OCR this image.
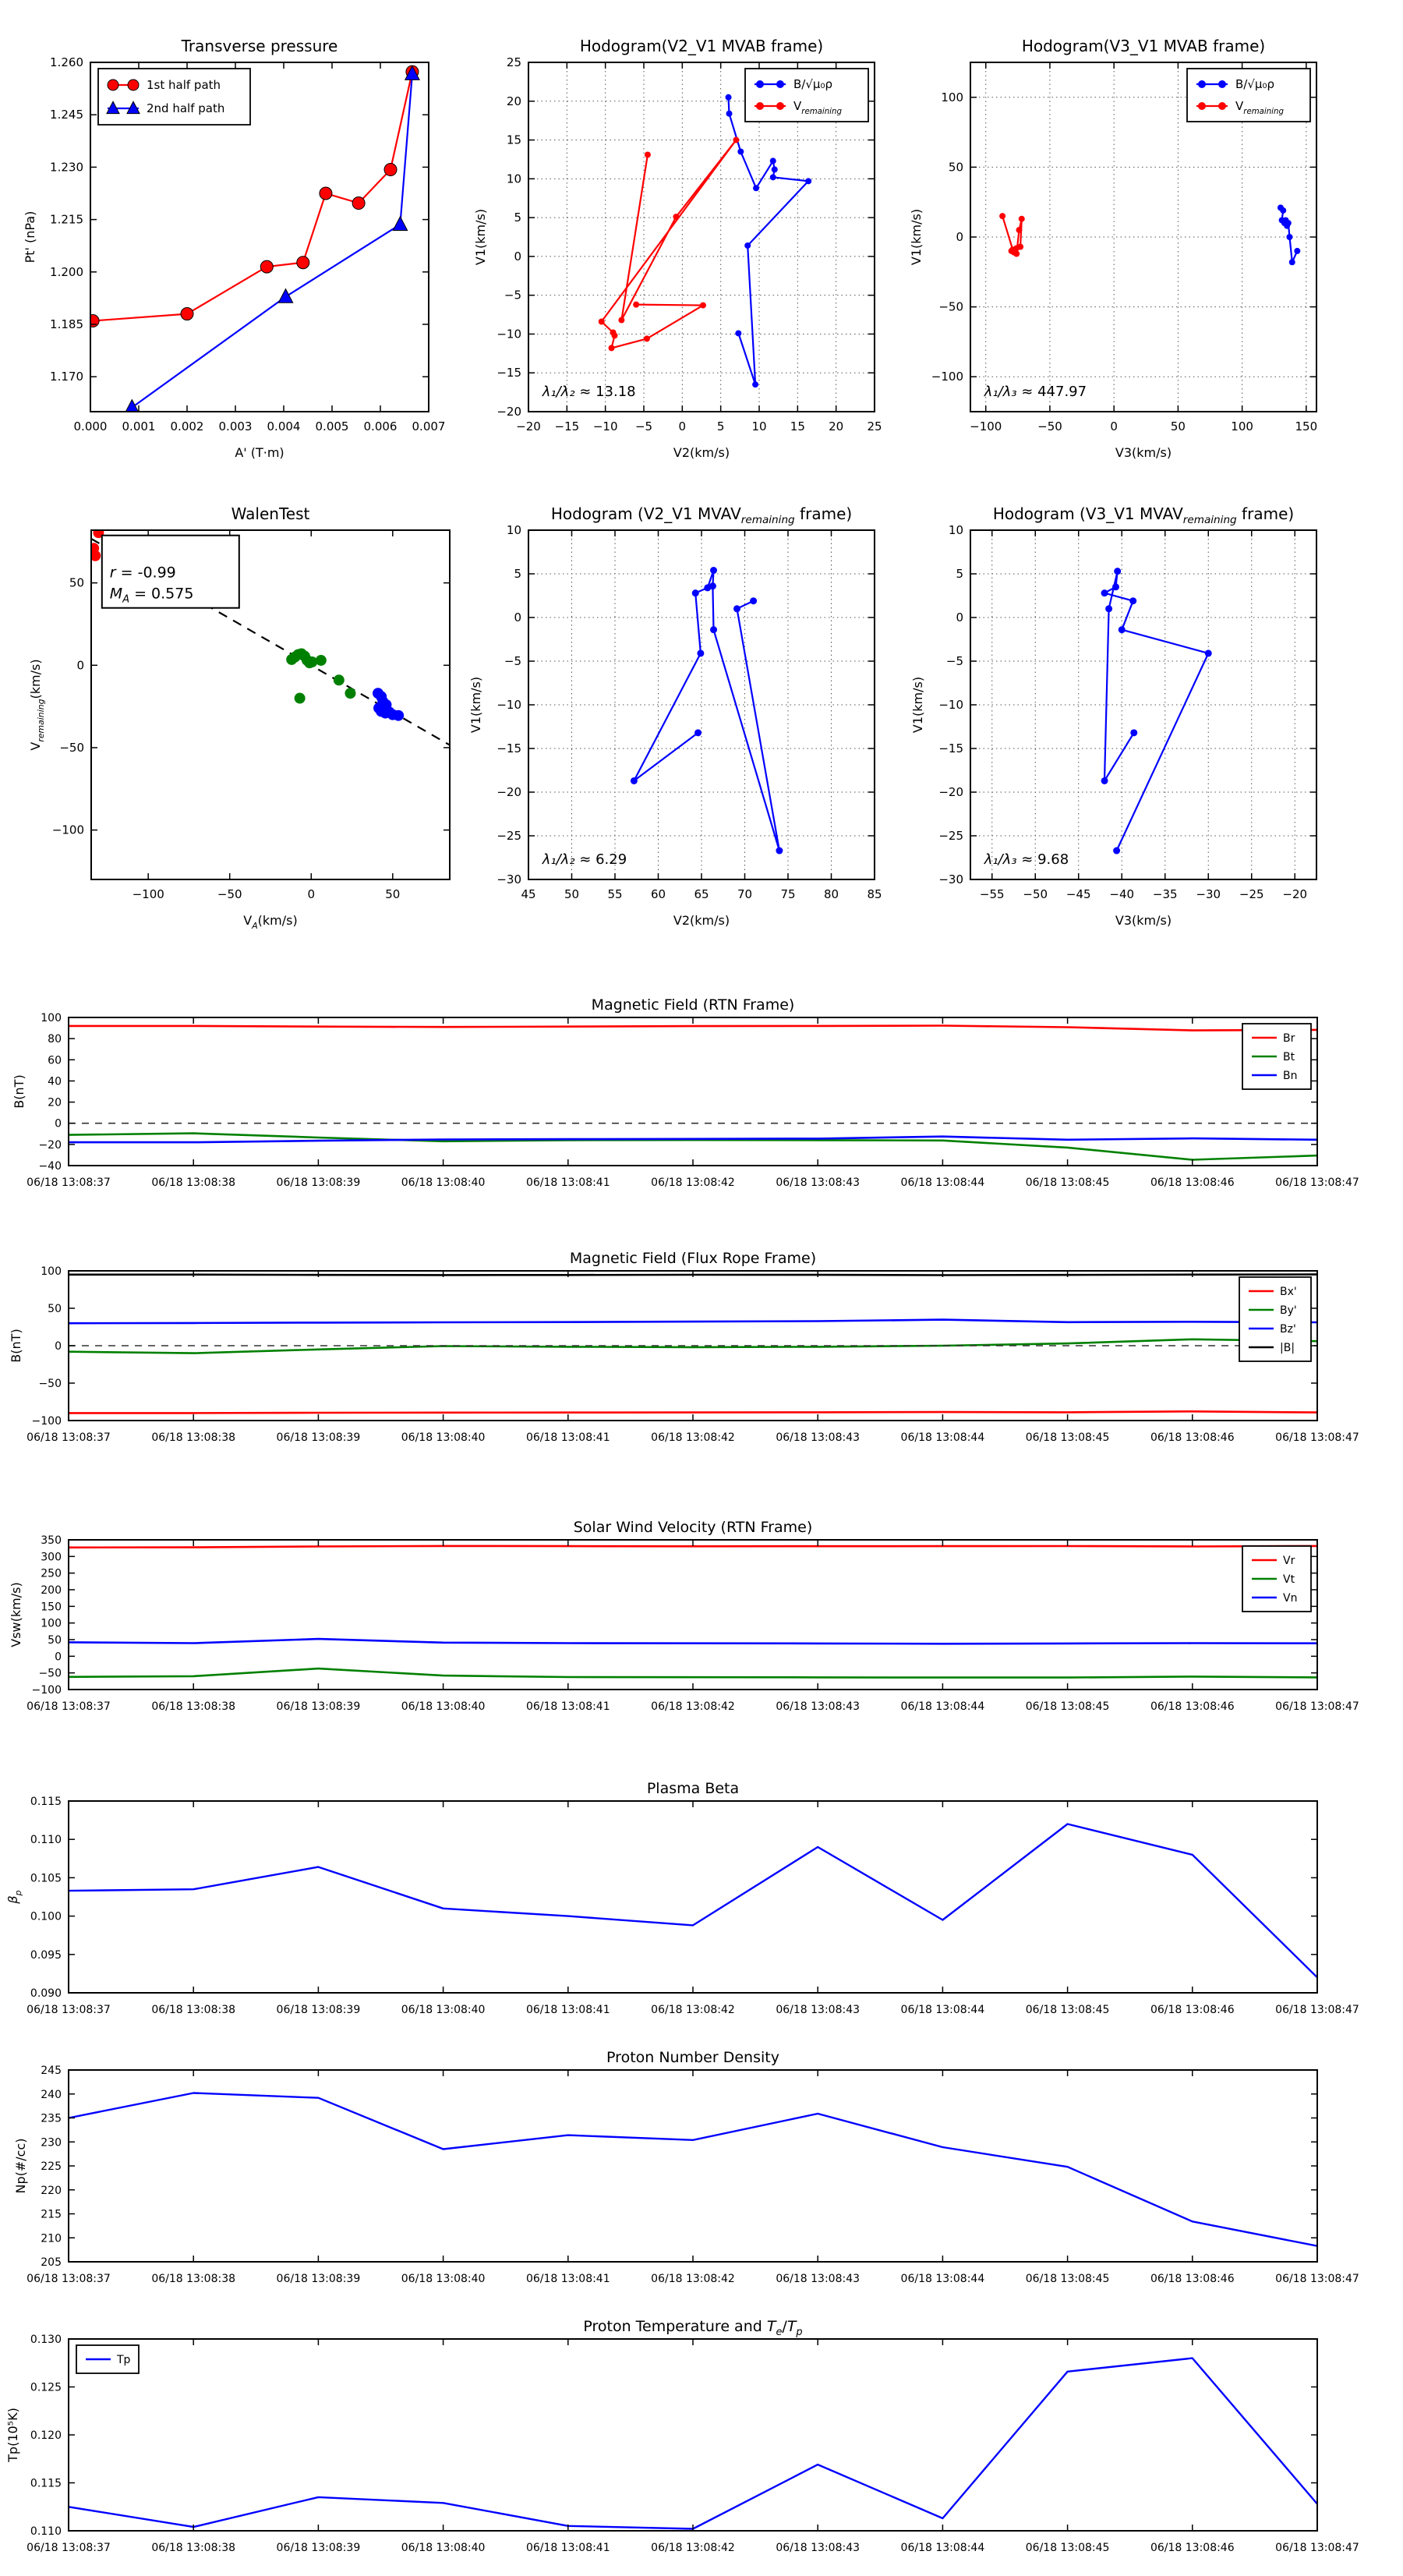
0.000 0.001 0.002 0.003 0.004 0.005 0.006 0.007
1.170
1.185
1.200
1.215
1.230
1.245
1.260
Transverse pressure
A' (T·m)
Pt' (nPa)
1st half path
2nd half path
−20 −15 −10 −5 0	5 10 15 20 25
−20
−15
−10
−5
0
5
10
15
20
25
Hodogram(V2_V1 MVAB frame)
V2(km/s)
V1(km/s)
B/√μ₀ρ
$V_{remaining}$
λ₁/λ₂ ≈ 13.18
−100	−50	0	50	100	150
−100
−50
0
50
100
Hodogram(V3_V1 MVAB frame)
V3(km/s)
V1(km/s)
B/√μ₀ρ
$V_{remaining}$
λ₁/λ₃ ≈ 447.97
−100	−50	0	50
−100
−50
0
50
WalenTest
$V_A(km/s)$
$V_{remaining}(km/s)$
r = -0.99
$M_A = 0.575$
45 50 55 60 65 70 75 80 85
−30
−25
−20
−15
−10
−5
0
5
10
Hodogram (V2_V1 $MVAV_{remaining}$ frame)
V2(km/s)
V1(km/s)
λ₁/λ₂ ≈ 6.29
−55 −50 −45 −40 −35 −30 −25 −20
−30
−25
−20
−15
−10
−5
0
5
10
Hodogram (V3_V1 $MVAV_{remaining}$ frame)
V3(km/s)
V1(km/s)
λ₁/λ₃ ≈ 9.68
06/18 13:08:37	06/18 13:08:38	06/18 13:08:39	06/18 13:08:40	06/18 13:08:41	06/18 13:08:42	06/18 13:08:43	06/18 13:08:44	06/18 13:08:45	06/18 13:08:46	06/18 13:08:47
−40
−20
0
20
40
60
80
100
Magnetic Field (RTN Frame)
B(nT)
Br
Bt
Bn
06/18 13:08:37	06/18 13:08:38	06/18 13:08:39	06/18 13:08:40	06/18 13:08:41	06/18 13:08:42	06/18 13:08:43	06/18 13:08:44	06/18 13:08:45	06/18 13:08:46	06/18 13:08:47
−100
−50
0
50
100
Magnetic Field (Flux Rope Frame)
B(nT)
Bx'
By'
Bz'
|B|
06/18 13:08:37	06/18 13:08:38	06/18 13:08:39	06/18 13:08:40	06/18 13:08:41	06/18 13:08:42	06/18 13:08:43	06/18 13:08:44	06/18 13:08:45	06/18 13:08:46	06/18 13:08:47
−100
−50
0
50
100
150
200
250
300
350
Solar Wind Velocity (RTN Frame)
Vsw(km/s)
Vr
Vt
Vn
06/18 13:08:37	06/18 13:08:38	06/18 13:08:39	06/18 13:08:40	06/18 13:08:41	06/18 13:08:42	06/18 13:08:43	06/18 13:08:44	06/18 13:08:45	06/18 13:08:46	06/18 13:08:47
0.090
0.095
0.100
0.105
0.110
0.115
Plasma Beta
$\beta_p$
06/18 13:08:37	06/18 13:08:38	06/18 13:08:39	06/18 13:08:40	06/18 13:08:41	06/18 13:08:42	06/18 13:08:43	06/18 13:08:44	06/18 13:08:45	06/18 13:08:46	06/18 13:08:47
205
210
215
220
225
230
235
240
245
Proton Number Density
Np(#/cc)
06/18 13:08:37	06/18 13:08:38	06/18 13:08:39	06/18 13:08:40	06/18 13:08:41	06/18 13:08:42	06/18 13:08:43	06/18 13:08:44	06/18 13:08:45	06/18 13:08:46	06/18 13:08:47
0.110
0.115
0.120
0.125
0.130
Proton Temperature and $T_e/T_p$
Tp(10⁵K)
Tp
